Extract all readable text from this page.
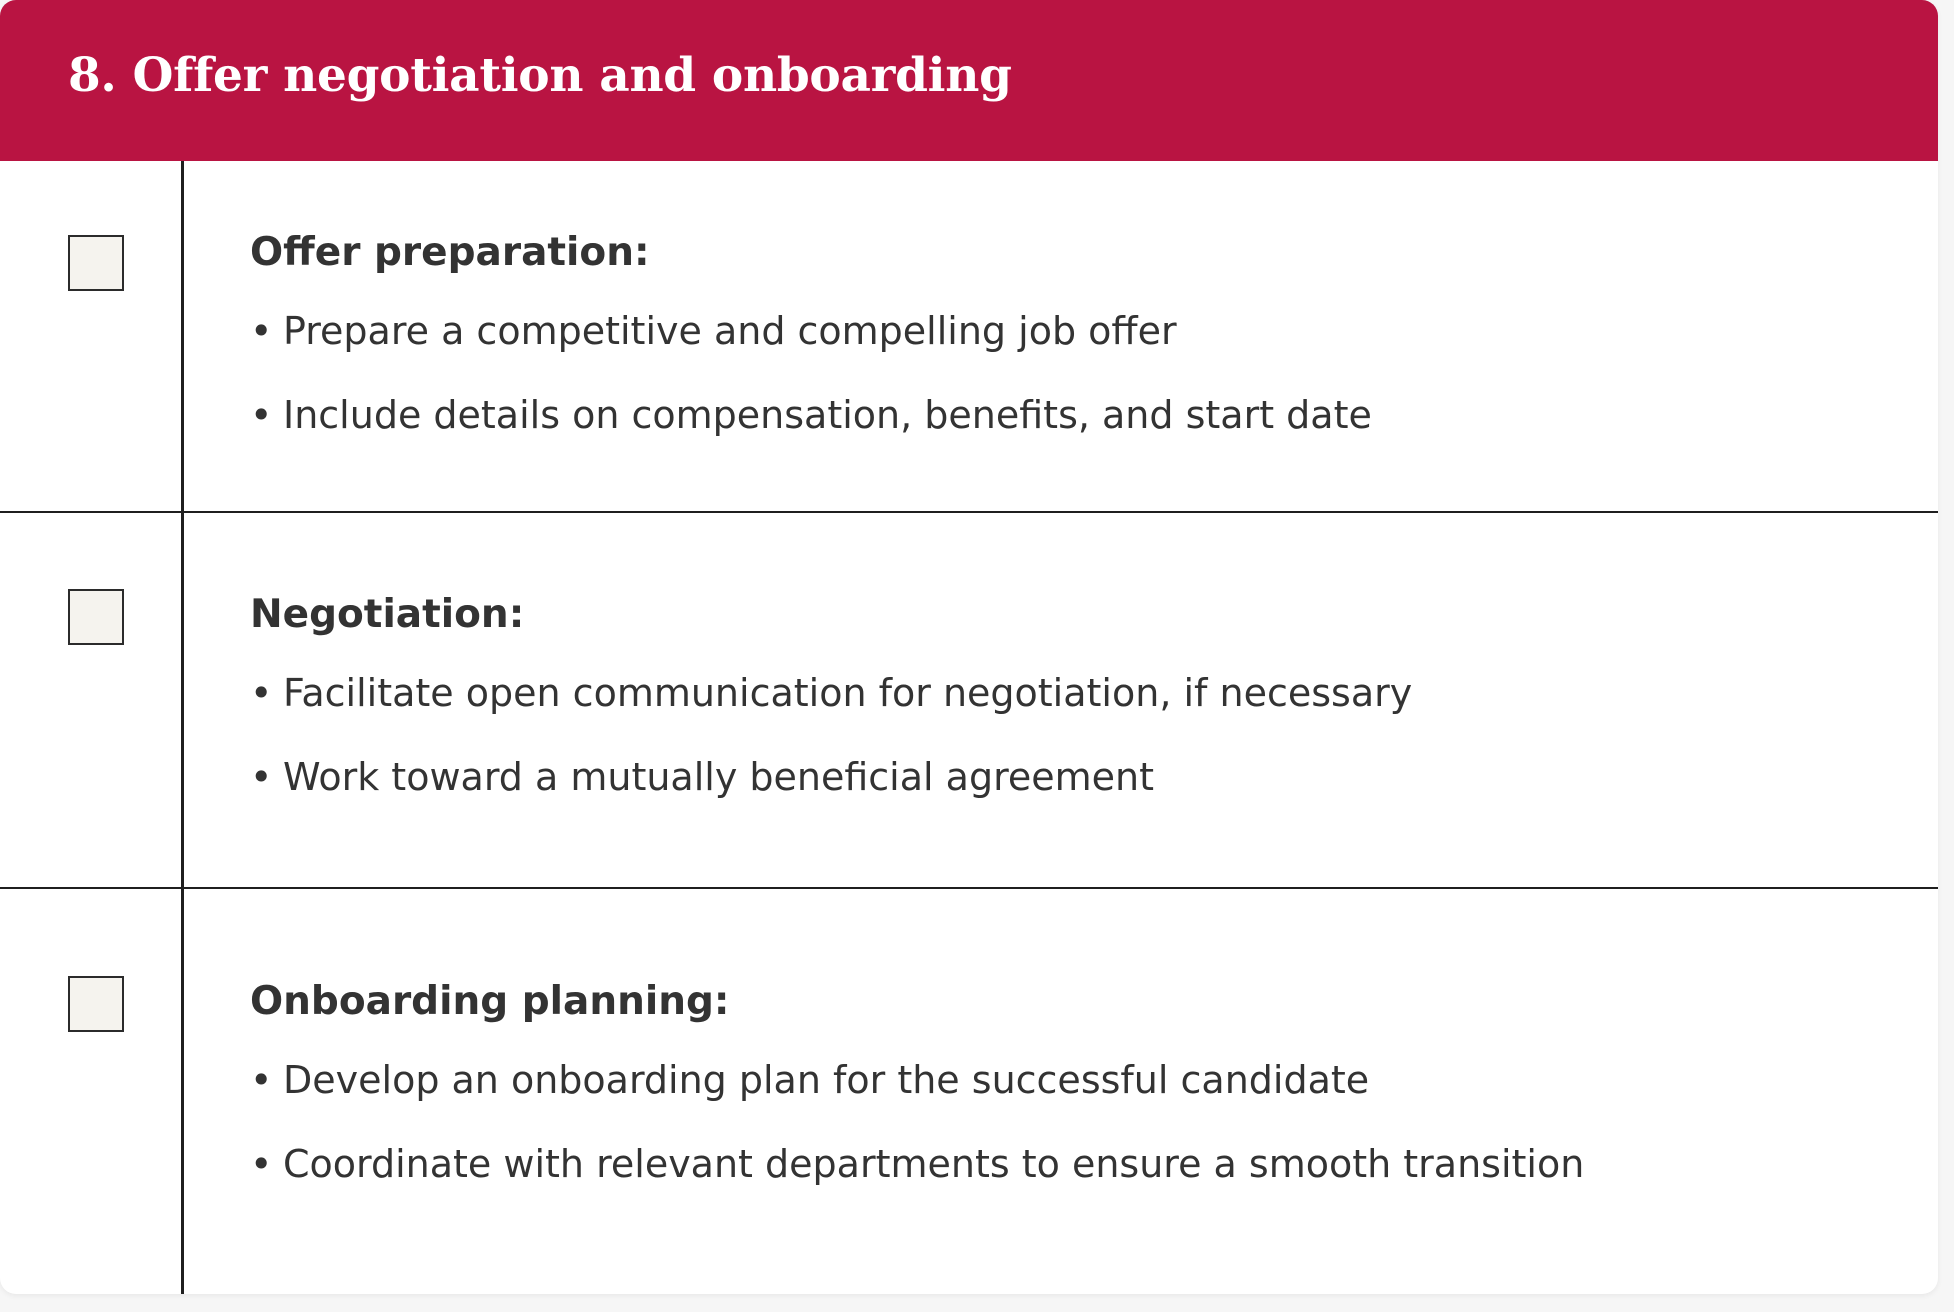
8. Offer negotiation and onboarding
Offer preparation:
• Prepare a competitive and compelling job offer
• Include details on compensation, benefits, and start date
Negotiation:
• Facilitate open communication for negotiation, if necessary
• Work toward a mutually beneficial agreement
Onboarding planning:
• Develop an onboarding plan for the successful candidate
• Coordinate with relevant departments to ensure a smooth transition
